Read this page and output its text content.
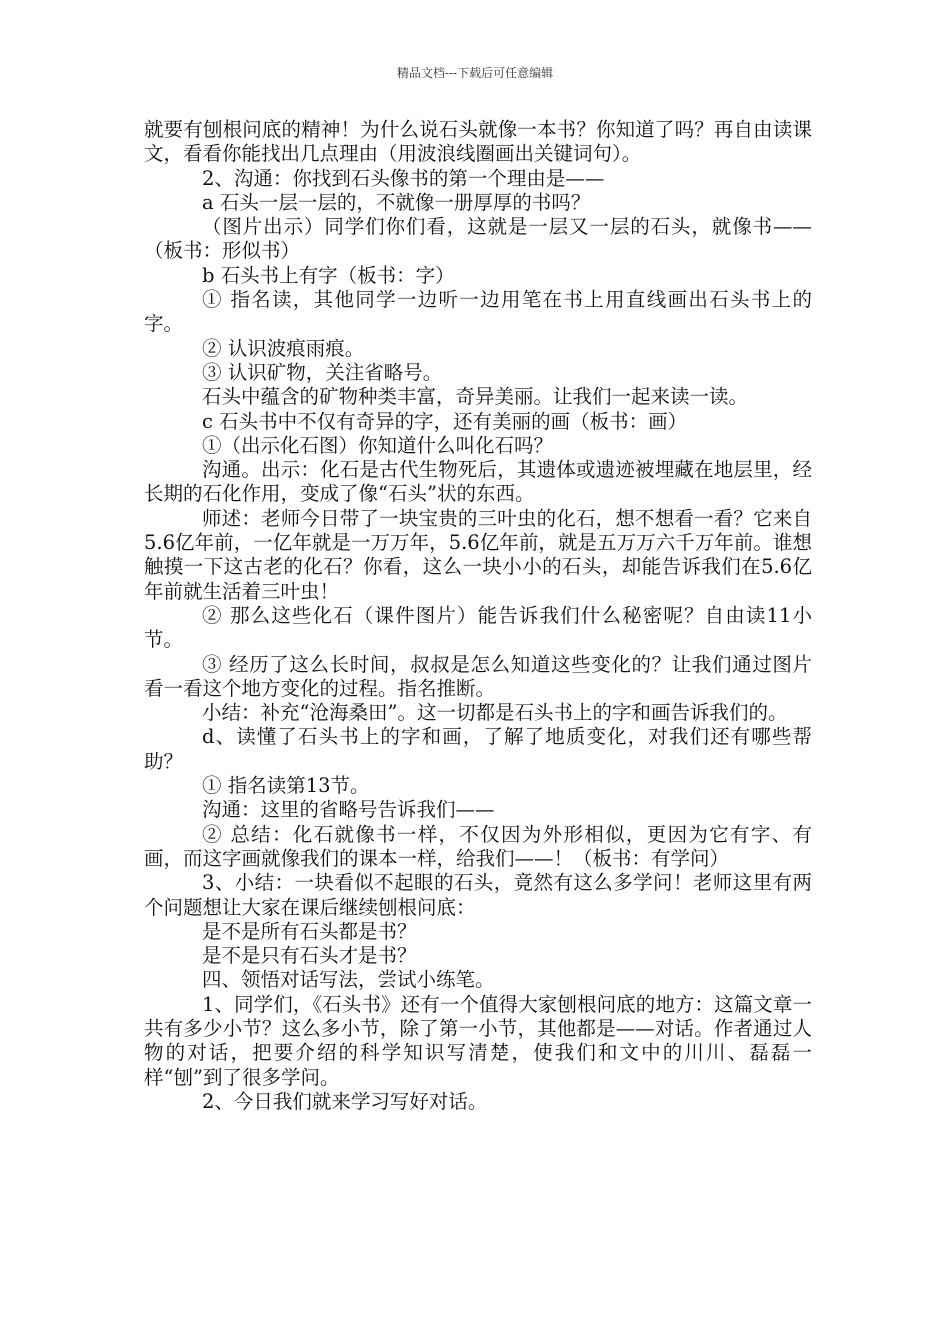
精品文档---下载后可任意编辑

就要有刨根问底的精神！为什么说石头就像一本书？你知道了吗？再自由读课文，看看你能找出几点理由（用波浪线圈画出关键词句）。

2、沟通：你找到石头像书的第一个理由是——

a 石头一层一层的，不就像一册厚厚的书吗？

（图片出示）同学们你们看，这就是一层又一层的石头，就像书——（板书：形似书）

b 石头书上有字（板书：字）

① 指名读，其他同学一边听一边用笔在书上用直线画出石头书上的字。

② 认识波痕雨痕。

③ 认识矿物，关注省略号。

石头中蕴含的矿物种类丰富，奇异美丽。让我们一起来读一读。

c 石头书中不仅有奇异的字，还有美丽的画（板书：画）

①（出示化石图）你知道什么叫化石吗？

沟通。出示：化石是古代生物死后，其遗体或遗迹被埋藏在地层里，经长期的石化作用，变成了像“石头”状的东西。

师述：老师今日带了一块宝贵的三叶虫的化石，想不想看一看？它来自5.6亿年前，一亿年就是一万万年，5.6亿年前，就是五万万六千万年前。谁想触摸一下这古老的化石？你看，这么一块小小的石头，却能告诉我们在5.6亿年前就生活着三叶虫！

② 那么这些化石（课件图片）能告诉我们什么秘密呢？自由读11小节。

③ 经历了这么长时间，叔叔是怎么知道这些变化的？让我们通过图片看一看这个地方变化的过程。指名推断。

小结：补充“沧海桑田”。这一切都是石头书上的字和画告诉我们的。

d、读懂了石头书上的字和画，了解了地质变化，对我们还有哪些帮助？

① 指名读第13节。

沟通：这里的省略号告诉我们——

② 总结：化石就像书一样，不仅因为外形相似，更因为它有字、有画，而这字画就像我们的课本一样，给我们——！（板书：有学问）

3、小结：一块看似不起眼的石头，竟然有这么多学问！老师这里有两个问题想让大家在课后继续刨根问底：

是不是所有石头都是书？

是不是只有石头才是书？

四、领悟对话写法，尝试小练笔。

1、同学们，《石头书》还有一个值得大家刨根问底的地方：这篇文章一共有多少小节？这么多小节，除了第一小节，其他都是——对话。作者通过人物的对话，把要介绍的科学知识写清楚，使我们和文中的川川、磊磊一样“刨”到了很多学问。

2、今日我们就来学习写好对话。
